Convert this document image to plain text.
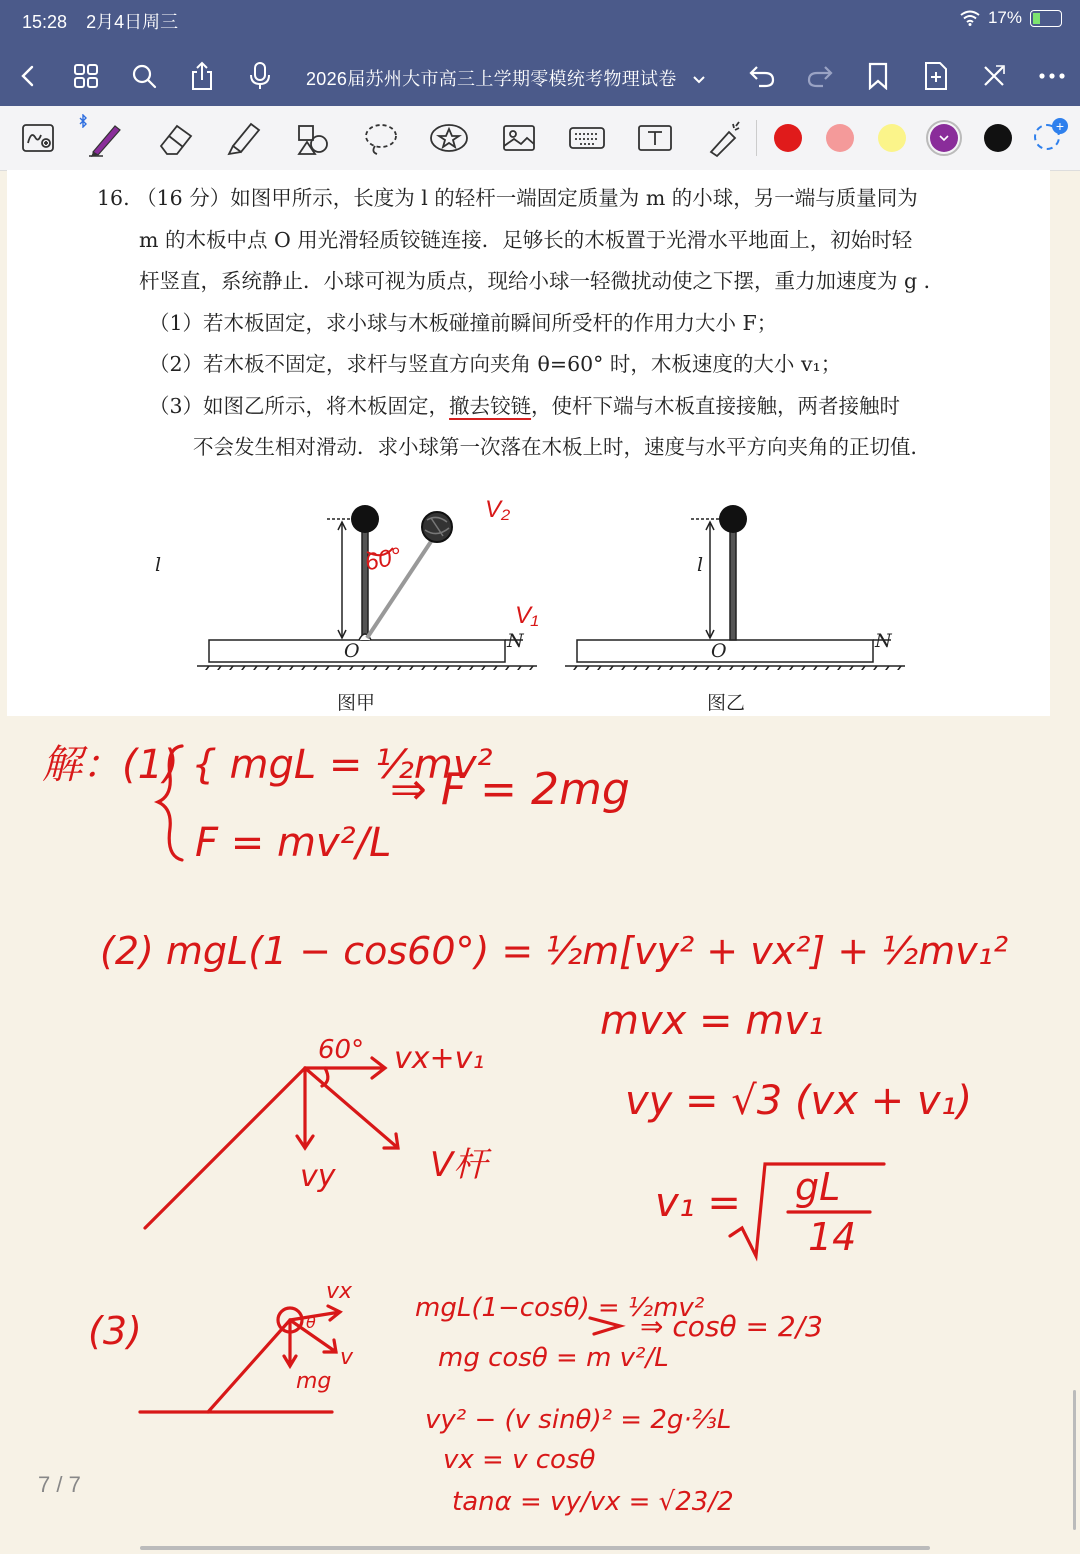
15:28 2月4日周三	17%
2026届苏州大市高三上学期零模统考物理试卷
+

16. （16 分）如图甲所示，长度为 l 的轻杆一端固定质量为 m 的小球，另一端与质量同为

m 的木板中点 O 用光滑轻质铰链连接．足够长的木板置于光滑水平地面上，初始时轻

杆竖直，系统静止．小球可视为质点，现给小球一轻微扰动使之下摆，重力加速度为 g ．

（1）若木板固定，求小球与木板碰撞前瞬间所受杆的作用力大小 F；

（2）若木板不固定，求杆与竖直方向夹角 θ=60° 时，木板速度的大小 v₁；

（3）如图乙所示，将木板固定，撤去铰链，使杆下端与木板直接接触，两者接触时

不会发生相对滑动．求小球第一次落在木板上时，速度与水平方向夹角的正切值．

l
O	N
图甲
60°
V₂
V₁
l
O	N
图乙
解：(1) { mgL = ½mv²
F = mv²/L
⇒ F = 2mg
(2) mgL(1 − cos60°) = ½m[vy² + vx²] + ½mv₁²
mvx = mv₁
vy = √3 (vx + v₁)
v₁ = gL
14
60° vx+v₁
vy	V杆
(3)
mgL(1−cosθ) = ½mv²
mg cosθ = m v²/L
⇒ cosθ = 2/3
vy² − (v sinθ)² = 2g·⅔L
vx = v cosθ
tanα = vy/vx = √23/2
vx
v
mg
θ
7 / 7
